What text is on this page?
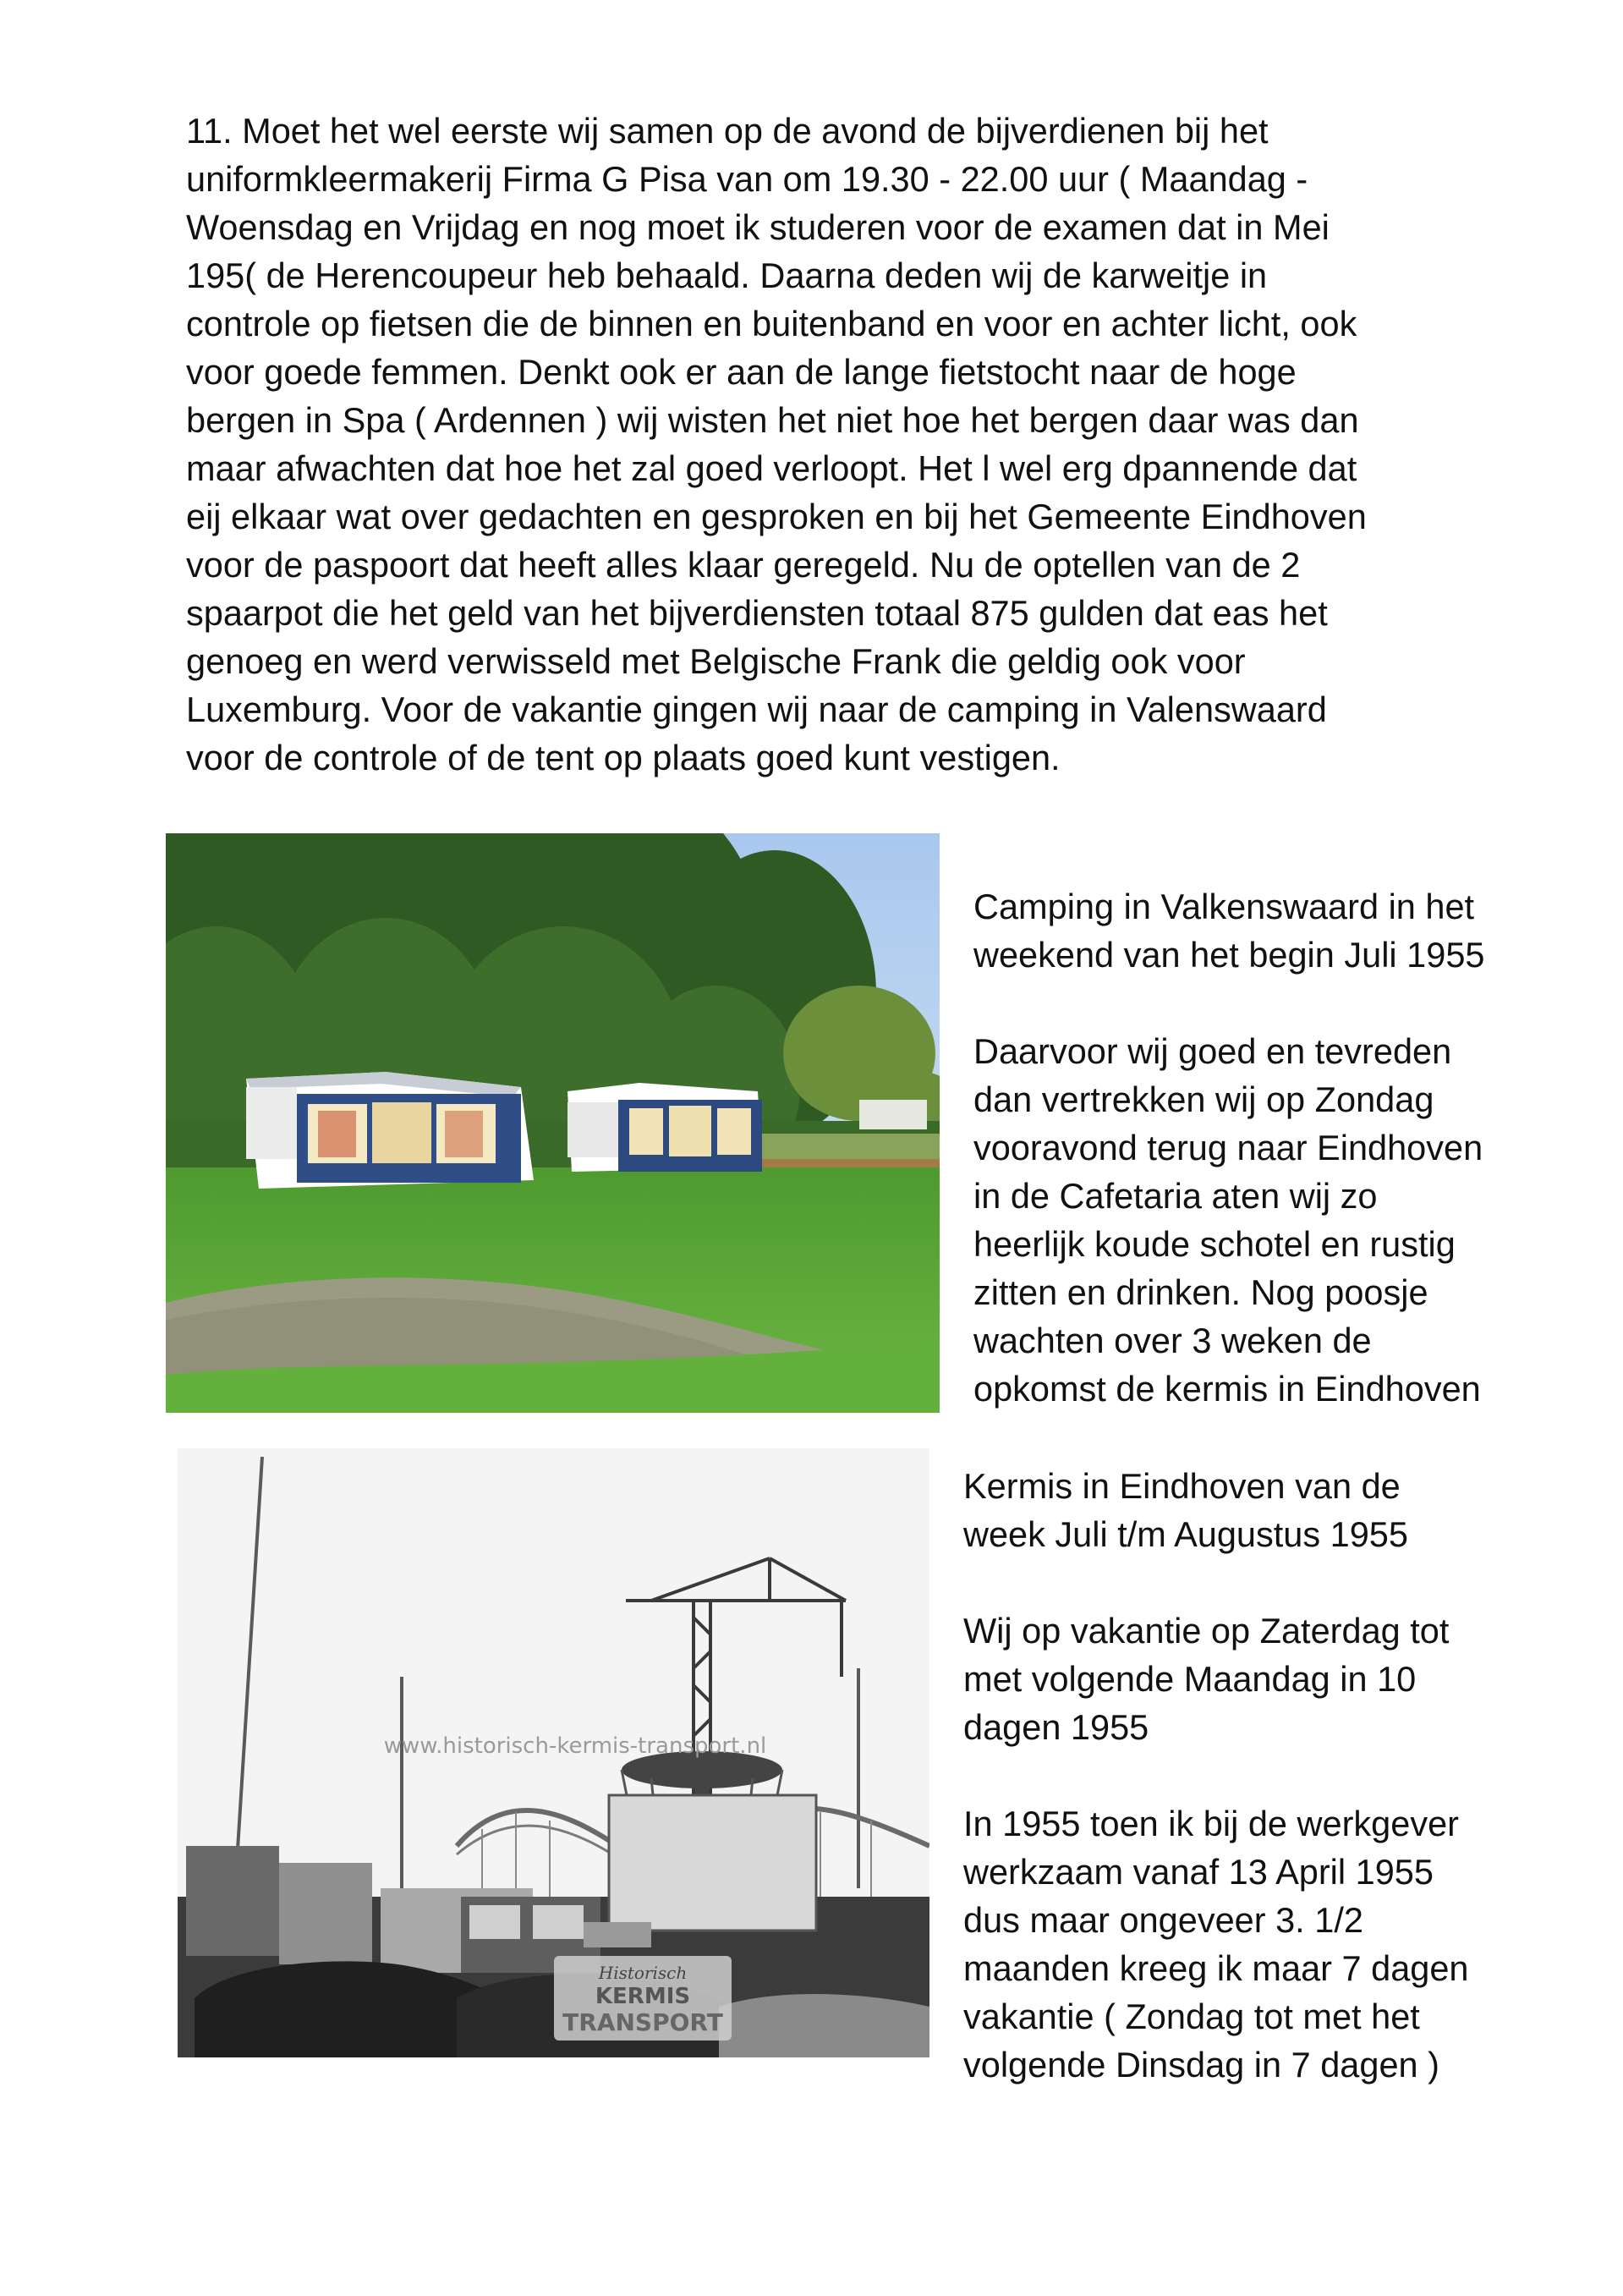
11. Moet het wel eerste wij samen op de avond de bijverdienen bij het

uniformkleermakerij Firma G Pisa van om 19.30 - 22.00 uur ( Maandag -

Woensdag en Vrijdag en nog moet ik studeren voor de examen dat in Mei

195( de Herencoupeur heb behaald. Daarna deden wij de karweitje in

controle op fietsen die de binnen en buitenband en voor en achter licht, ook

voor goede femmen. Denkt ook er aan de lange fietstocht naar de hoge

bergen in Spa ( Ardennen ) wij wisten het niet hoe het bergen daar was dan

maar afwachten dat hoe het zal goed verloopt. Het l wel erg dpannende dat

eij elkaar wat over gedachten en gesproken en bij het Gemeente Eindhoven

voor de paspoort dat heeft alles klaar geregeld. Nu de optellen van de 2

spaarpot die het geld van het bijverdiensten totaal 875 gulden dat eas het

genoeg en werd verwisseld met Belgische Frank die geldig ook voor

Luxemburg. Voor de vakantie gingen wij naar de camping in Valenswaard

voor de controle of de tent op plaats goed kunt vestigen.

www.historisch-kermis-transport.nl
Historisch
KERMIS
TRANSPORT

Camping in Valkenswaard in het

weekend van het begin Juli 1955

Daarvoor wij goed en tevreden

dan vertrekken wij op Zondag

vooravond terug naar Eindhoven

in de Cafetaria aten wij zo

heerlijk koude schotel en rustig

zitten en drinken. Nog poosje

wachten over 3 weken de

opkomst de kermis in Eindhoven

Kermis in Eindhoven van de

week Juli t/m Augustus 1955

Wij op vakantie op Zaterdag tot

met volgende Maandag in 10

dagen 1955

In 1955 toen ik bij de werkgever

werkzaam vanaf 13 April 1955

dus maar ongeveer 3. 1/2

maanden kreeg ik maar 7 dagen

vakantie ( Zondag tot met het

volgende Dinsdag in 7 dagen )
